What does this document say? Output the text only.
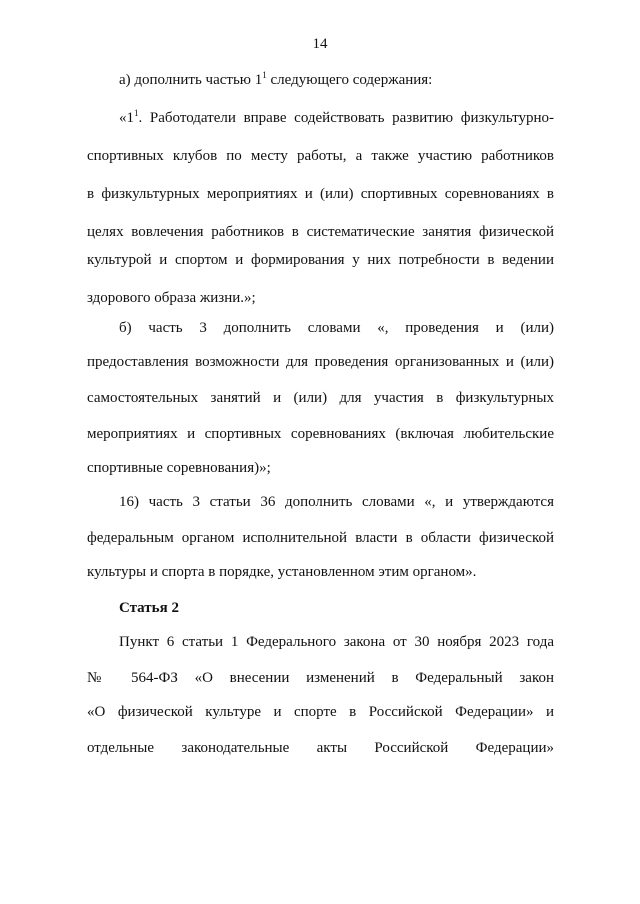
14
а) дополнить частью $1^1$ следующего содержания:
«$1^1$. Работодатели вправе содействовать развитию физкультурно-
спортивных клубов по месту работы, а также участию работников
в физкультурных мероприятиях и (или) спортивных соревнованиях в
целях вовлечения работников в систематические занятия физической
культурой и спортом и формирования у них потребности в ведении
здорового образа жизни.»;
б) часть 3 дополнить словами «, проведения и (или)
предоставления возможности для проведения организованных и (или)
самостоятельных занятий и (или) для участия в физкультурных
мероприятиях и спортивных соревнованиях (включая любительские
спортивные соревнования)»;
16) часть 3 статьи 36 дополнить словами «, и утверждаются
федеральным органом исполнительной власти в области физической
культуры и спорта в порядке, установленном этим органом».
Статья 2
Пункт 6 статьи 1 Федерального закона от 30 ноября 2023 года
№ 564-ФЗ «О внесении изменений в Федеральный закон
«О физической культуре и спорте в Российской Федерации» и
отдельные законодательные акты Российской Федерации»
